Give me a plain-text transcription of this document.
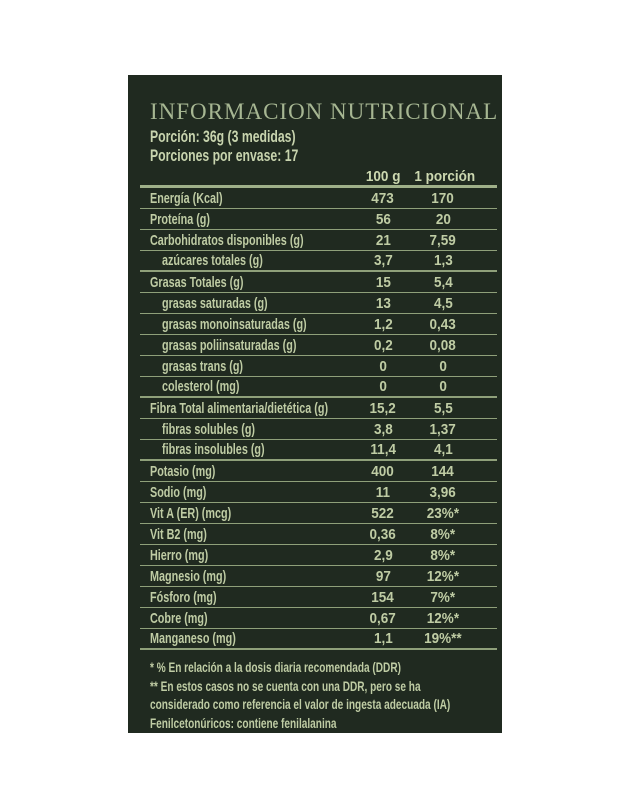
INFORMACION NUTRICIONAL
Porción: 36g (3 medidas)
Porciones por envase: 17
100 g 1 porción
Energía (Kcal)	473	170
Proteína (g)	56	20
Carbohidratos disponibles (g)	21	7,59
azúcares totales (g)	3,7	1,3
Grasas Totales (g)	15	5,4
grasas saturadas (g)	13	4,5
grasas monoinsaturadas (g)	1,2	0,43
grasas poliinsaturadas (g)	0,2	0,08
grasas trans (g)	0	0
colesterol (mg)	0	0
Fibra Total alimentaria/dietética (g)	15,2	5,5
fibras solubles (g)	3,8	1,37
fibras insolubles (g)	11,4	4,1
Potasio (mg)	400	144
Sodio (mg)	11	3,96
Vit A (ER) (mcg)	522	23%*
Vit B2 (mg)	0,36	8%*
Hierro (mg)	2,9	8%*
Magnesio (mg)	97	12%*
Fósforo (mg)	154	7%*
Cobre (mg)	0,67	12%*
Manganeso (mg)	1,1	19%**
* % En relación a la dosis diaria recomendada (DDR)
** En estos casos no se cuenta con una DDR, pero se ha
considerado como referencia el valor de ingesta adecuada (IA)
Fenilcetonúricos: contiene fenilalanina
